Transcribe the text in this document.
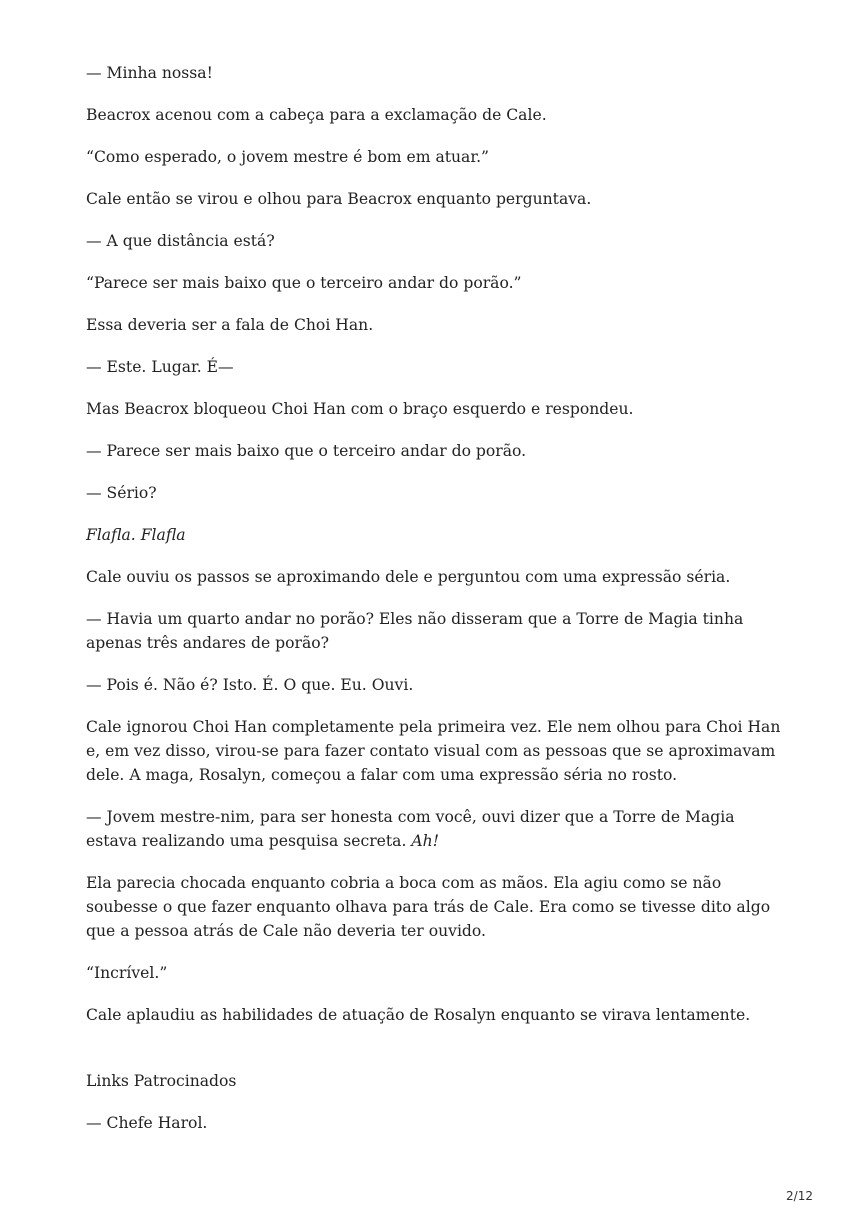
— Minha nossa!

Beacrox acenou com a cabeça para a exclamação de Cale.

“Como esperado, o jovem mestre é bom em atuar.”

Cale então se virou e olhou para Beacrox enquanto perguntava.

— A que distância está?

“Parece ser mais baixo que o terceiro andar do porão.”

Essa deveria ser a fala de Choi Han.

— Este. Lugar. É—

Mas Beacrox bloqueou Choi Han com o braço esquerdo e respondeu.

— Parece ser mais baixo que o terceiro andar do porão.

— Sério?

Flafla. Flafla

Cale ouviu os passos se aproximando dele e perguntou com uma expressão séria.

— Havia um quarto andar no porão? Eles não disseram que a Torre de Magia tinha apenas três andares de porão?

— Pois é. Não é? Isto. É. O que. Eu. Ouvi.

Cale ignorou Choi Han completamente pela primeira vez. Ele nem olhou para Choi Han e, em vez disso, virou-se para fazer contato visual com as pessoas que se aproximavam dele. A maga, Rosalyn, começou a falar com uma expressão séria no rosto.

— Jovem mestre-nim, para ser honesta com você, ouvi dizer que a Torre de Magia estava realizando uma pesquisa secreta. Ah!

Ela parecia chocada enquanto cobria a boca com as mãos. Ela agiu como se não soubesse o que fazer enquanto olhava para trás de Cale. Era como se tivesse dito algo que a pessoa atrás de Cale não deveria ter ouvido.

“Incrível.”

Cale aplaudiu as habilidades de atuação de Rosalyn enquanto se virava lentamente.

Links Patrocinados

— Chefe Harol.

2/12
